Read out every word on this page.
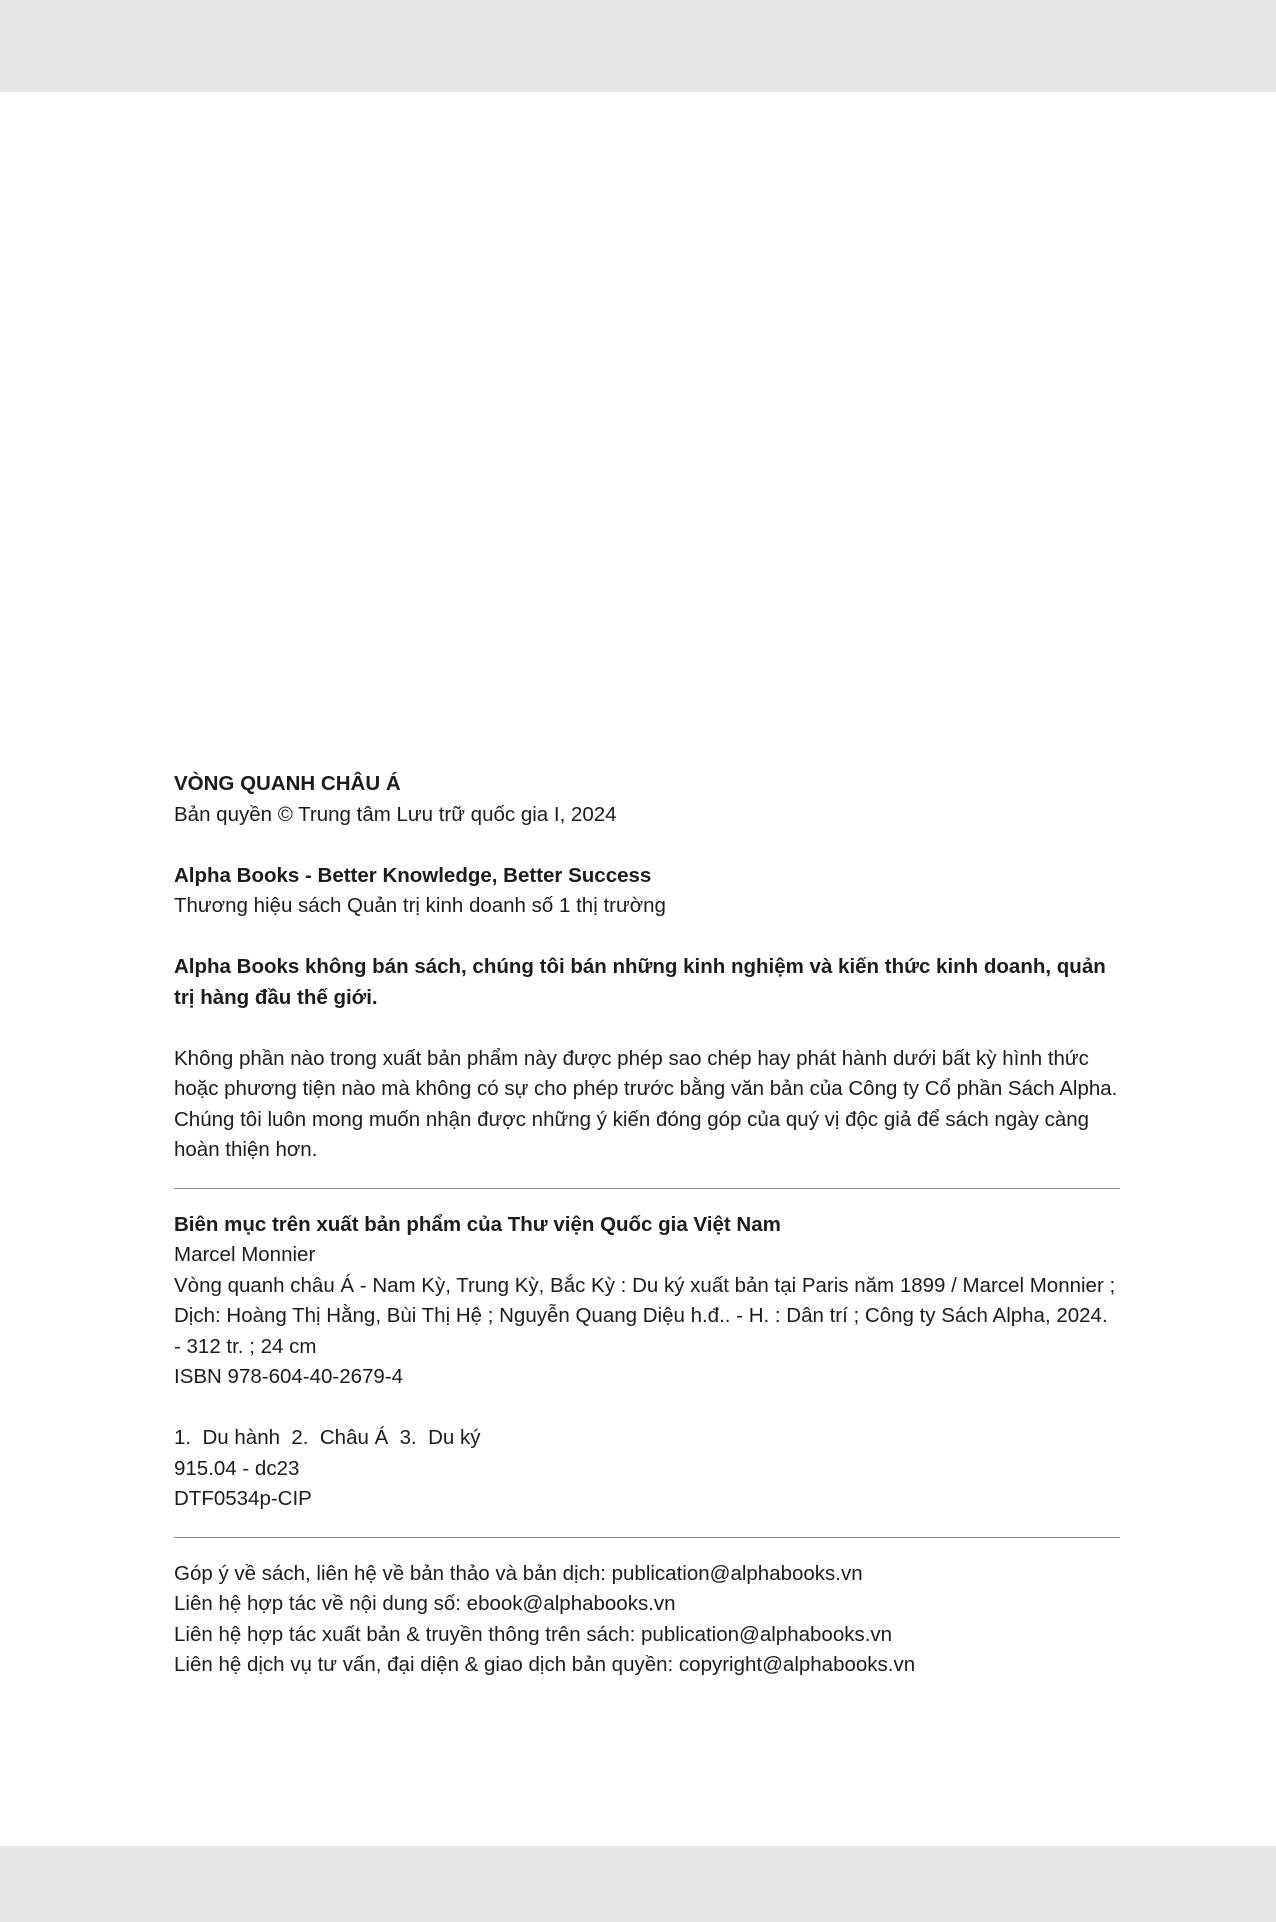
VÒNG QUANH CHÂU Á
Bản quyền © Trung tâm Lưu trữ quốc gia I, 2024
Alpha Books - Better Knowledge, Better Success
Thương hiệu sách Quản trị kinh doanh số 1 thị trường
Alpha Books không bán sách, chúng tôi bán những kinh nghiệm và kiến thức kinh doanh, quản trị hàng đầu thế giới.
Không phần nào trong xuất bản phẩm này được phép sao chép hay phát hành dưới bất kỳ hình thức hoặc phương tiện nào mà không có sự cho phép trước bằng văn bản của Công ty Cổ phần Sách Alpha. Chúng tôi luôn mong muốn nhận được những ý kiến đóng góp của quý vị độc giả để sách ngày càng hoàn thiện hơn.
Biên mục trên xuất bản phẩm của Thư viện Quốc gia Việt Nam
Marcel Monnier
Vòng quanh châu Á - Nam Kỳ, Trung Kỳ, Bắc Kỳ : Du ký xuất bản tại Paris năm 1899 / Marcel Monnier ; Dịch: Hoàng Thị Hằng, Bùi Thị Hệ ; Nguyễn Quang Diệu h.đ.. - H. : Dân trí ; Công ty Sách Alpha, 2024. - 312 tr. ; 24 cm
ISBN 978-604-40-2679-4
1.  Du hành  2.  Châu Á  3.  Du ký
915.04 - dc23
DTF0534p-CIP
Góp ý về sách, liên hệ về bản thảo và bản dịch: publication@alphabooks.vn
Liên hệ hợp tác về nội dung số: ebook@alphabooks.vn
Liên hệ hợp tác xuất bản & truyền thông trên sách: publication@alphabooks.vn
Liên hệ dịch vụ tư vấn, đại diện & giao dịch bản quyền: copyright@alphabooks.vn
